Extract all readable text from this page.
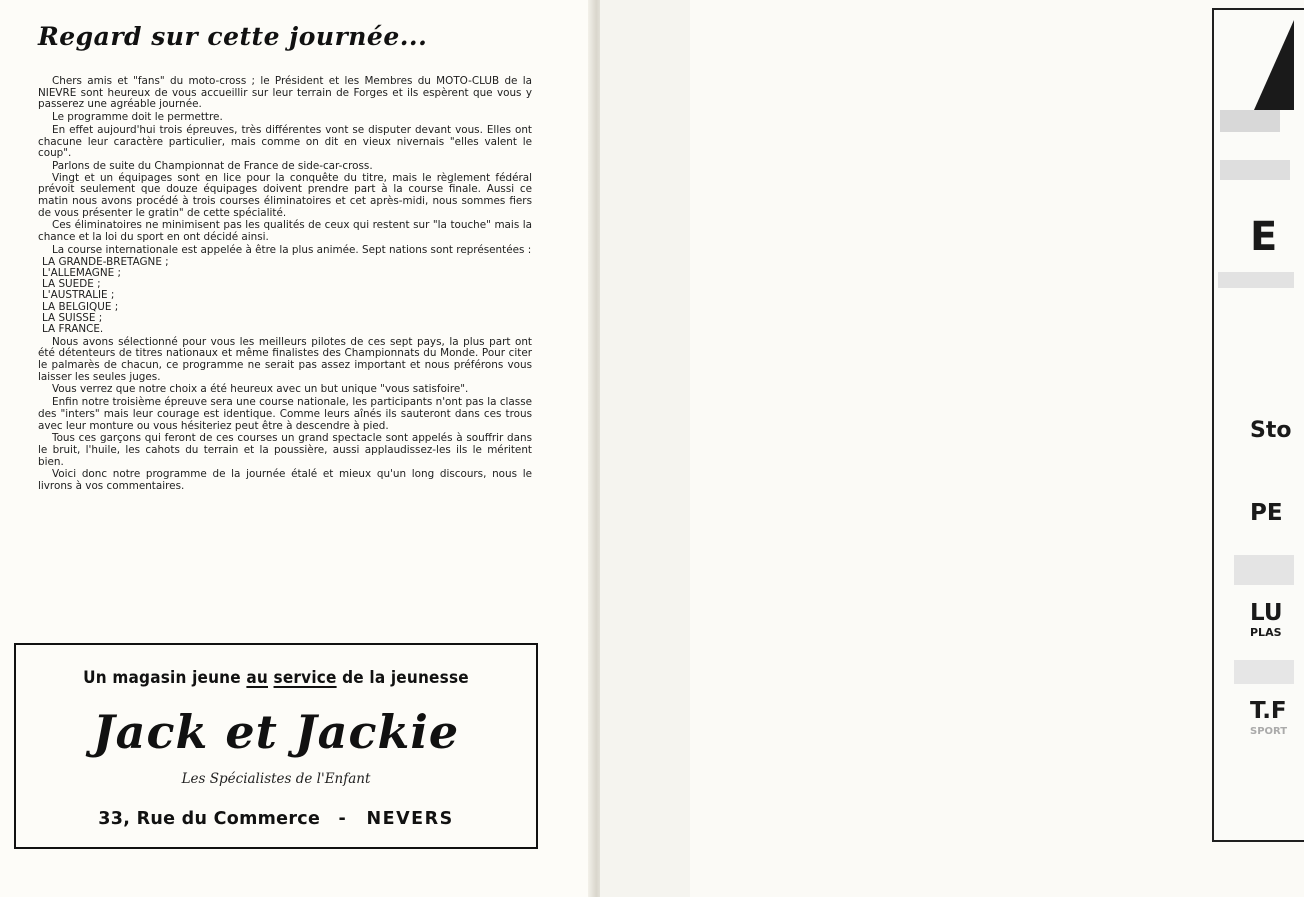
Regard sur cette journée...

Chers amis et "fans" du moto-cross ; le Président et les Membres du MOTO-CLUB de la NIEVRE sont heureux de vous accueillir sur leur terrain de Forges et ils espèrent que vous y passerez une agréable journée.

Le programme doit le permettre.

En effet aujourd'hui trois épreuves, très différentes vont se disputer devant vous. Elles ont chacune leur caractère particulier, mais comme on dit en vieux nivernais "elles valent le coup".

Parlons de suite du Championnat de France de side-car-cross.

Vingt et un équipages sont en lice pour la conquête du titre, mais le règlement fédéral prévoit seulement que douze équipages doivent prendre part à la course finale. Aussi ce matin nous avons procédé à trois courses éliminatoires et cet après-midi, nous sommes fiers de vous présenter le gratin" de cette spécialité.

Ces éliminatoires ne minimisent pas les qualités de ceux qui restent sur "la touche" mais la chance et la loi du sport en ont décidé ainsi.

La course internationale est appelée à être la plus animée. Sept nations sont représentées :

LA GRANDE-BRETAGNE ;
L'ALLEMAGNE ;
LA SUEDE ;
L'AUSTRALIE ;
LA BELGIQUE ;
LA SUISSE ;
LA FRANCE.

Nous avons sélectionné pour vous les meilleurs pilotes de ces sept pays, la plus part ont été détenteurs de titres nationaux et même finalistes des Championnats du Monde. Pour citer le palmarès de chacun, ce programme ne serait pas assez important et nous préférons vous laisser les seules juges.

Vous verrez que notre choix a été heureux avec un but unique "vous satisfoire".

Enfin notre troisième épreuve sera une course nationale, les participants n'ont pas la classe des "inters" mais leur courage est identique. Comme leurs aînés ils sauteront dans ces trous avec leur monture ou vous hésiteriez peut être à descendre à pied.

Tous ces garçons qui feront de ces courses un grand spectacle sont appelés à souffrir dans le bruit, l'huile, les cahots du terrain et la poussière, aussi applaudissez-les ils le méritent bien.

Voici donc notre programme de la journée étalé et mieux qu'un long discours, nous le livrons à vos commentaires.

Un magasin jeune au service de la jeunesse
Jack et Jackie
Les Spécialistes de l'Enfant
33, Rue du Commerce - NEVERS
E
Sto
PE
LU
PLAS
T.F
SPORT
